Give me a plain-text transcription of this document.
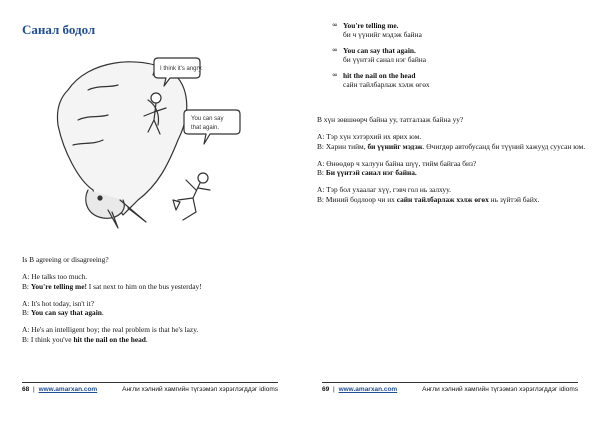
Санал бодол
I think it's angry.
You can say
that again.

Is B agreeing or disagreeing?

A: He talks too much.

B: You're telling me! I sat next to him on the bus yesterday!

A: It's hot today, isn't it?

B: You can say that again.

A: He's an intelligent boy; the real problem is that he's lazy.

B: I think you've hit the nail on the head.

68 | www.amarxan.com	Англи хэлний хамгийн түгээмэл хэрэглэгддэг idioms
∞ You're telling me.
би ч үүнийг мэдэж байна
∞ You can say that again.
би үүнтэй санал нэг байна
∞ hit the nail on the head
сайн тайлбарлаж хэлж өгөх

В хүн зөвшөөрч байна уу, татгалзаж байна уу?

A: Тэр хүн хэтэрхий их ярих юм.

B: Харин тийм, би үүнийг мэдэж. Өчигдөр автобусанд би түүний хажууд суусан юм.

A: Өнөөдөр ч халуун байна шүү, тийм байгаа биз?

B: Би үүнтэй санал нэг байна.

A: Тэр бол ухаалаг хүү, гэвч гол нь залхуу.

B: Миний бодлоор чи их сайн тайлбарлаж хэлж өгөх нь зүйтэй байх.

69 | www.amarxan.com	Англи хэлний хамгийн түгээмэл хэрэглэгддэг idioms
